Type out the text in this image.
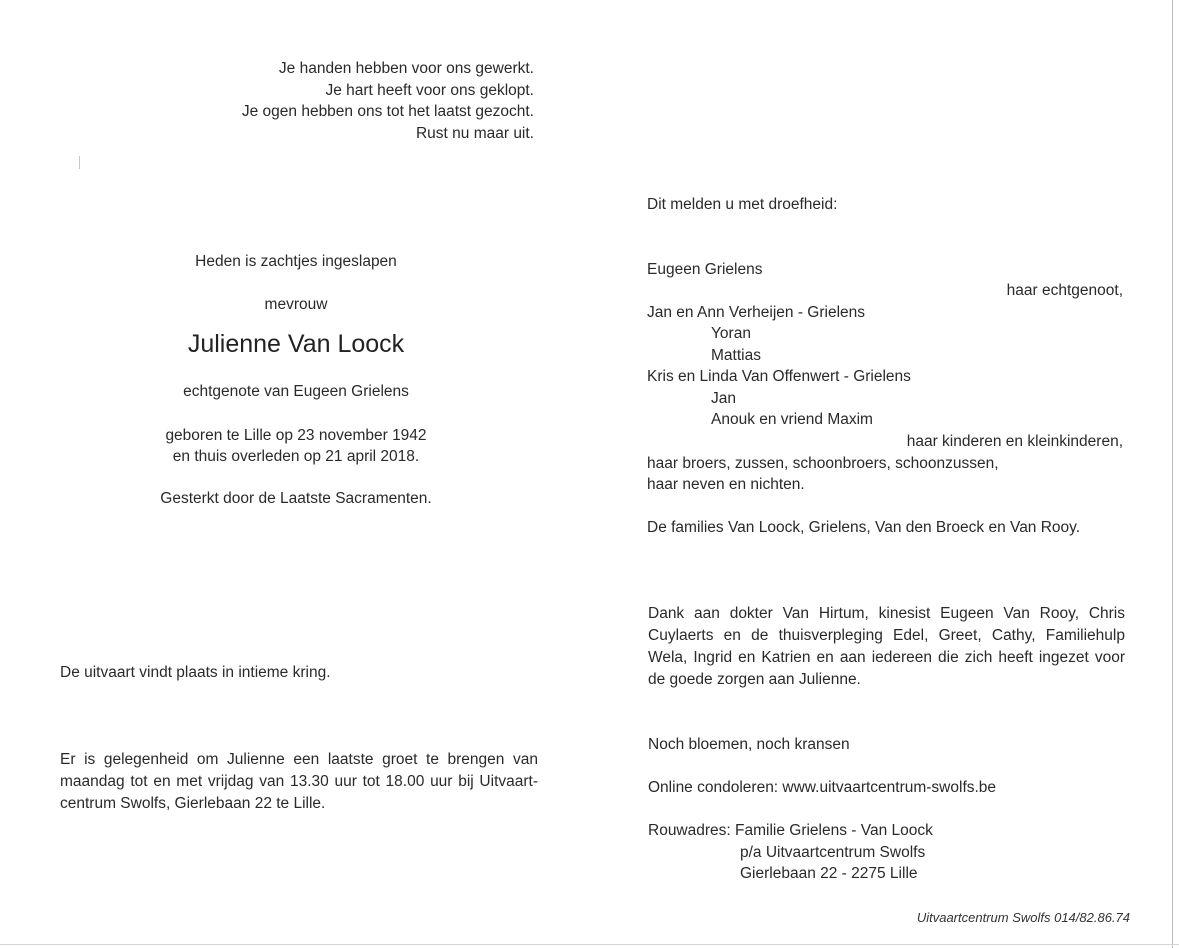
Je handen hebben voor ons gewerkt.
Je hart heeft voor ons geklopt.
Je ogen hebben ons tot het laatst gezocht.
Rust nu maar uit.
Heden is zachtjes ingeslapen
mevrouw
Julienne Van Loock
echtgenote van Eugeen Grielens
geboren te Lille op 23 november 1942
en thuis overleden op 21 april 2018.
Gesterkt door de Laatste Sacramenten.
De uitvaart vindt plaats in intieme kring.
Er is gelegenheid om Julienne een laatste groet te brengen van maandag tot en met vrijdag van 13.30 uur tot 18.00 uur bij Uitvaart-centrum Swolfs, Gierlebaan 22 te Lille.
Dit melden u met droefheid:
Eugeen Grielens
haar echtgenoot,
Jan en Ann Verheijen - Grielens
Yoran
Mattias
Kris en Linda Van Offenwert - Grielens
Jan
Anouk en vriend Maxim
haar kinderen en kleinkinderen,
haar broers, zussen, schoonbroers, schoonzussen,
haar neven en nichten.
De families Van Loock, Grielens, Van den Broeck en Van Rooy.
Dank aan dokter Van Hirtum, kinesist Eugeen Van Rooy, Chris Cuylaerts en de thuisverpleging Edel, Greet, Cathy, Familiehulp Wela, Ingrid en Katrien en aan iedereen die zich heeft ingezet voor de goede zorgen aan Julienne.
Noch bloemen, noch kransen
Online condoleren: www.uitvaartcentrum-swolfs.be
Rouwadres: Familie Grielens - Van Loock
p/a Uitvaartcentrum Swolfs
Gierlebaan 22 - 2275 Lille
Uitvaartcentrum Swolfs 014/82.86.74
